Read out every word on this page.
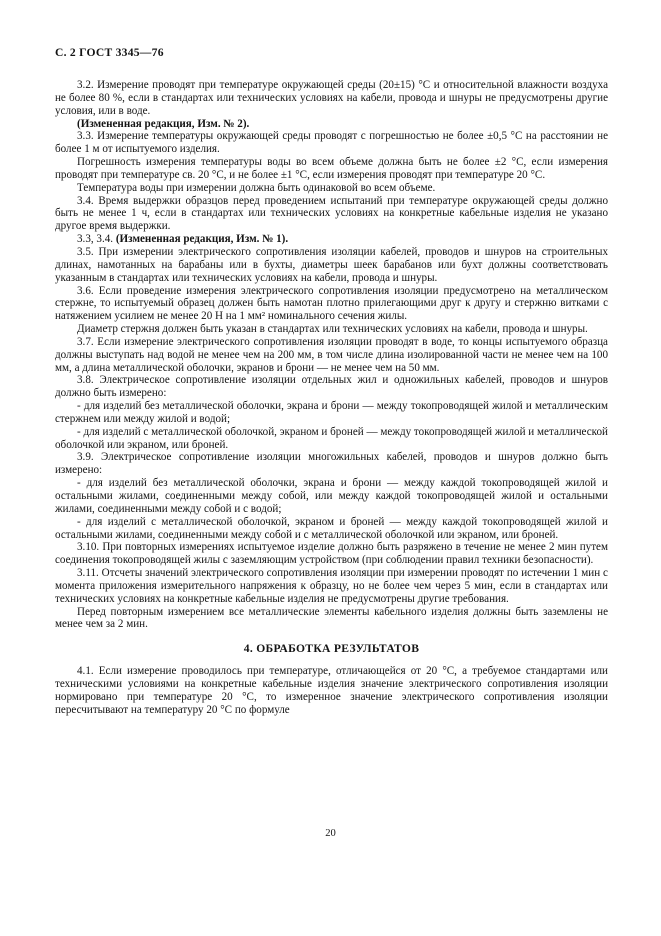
С. 2 ГОСТ 3345—76

3.2. Измерение проводят при температуре окружающей среды (20±15) °С и относительной влажности воздуха не более 80 %, если в стандартах или технических условиях на кабели, провода и шнуры не предусмотрены другие условия, или в воде.

(Измененная редакция, Изм. № 2).

3.3. Измерение температуры окружающей среды проводят с погрешностью не более ±0,5 °С на расстоянии не более 1 м от испытуемого изделия.

Погрешность измерения температуры воды во всем объеме должна быть не более ±2 °С, если измерения проводят при температуре св. 20 °С, и не более ±1 °С, если измерения проводят при температуре 20 °С.

Температура воды при измерении должна быть одинаковой во всем объеме.

3.4. Время выдержки образцов перед проведением испытаний при температуре окружающей среды должно быть не менее 1 ч, если в стандартах или технических условиях на конкретные кабельные изделия не указано другое время выдержки.

3.3, 3.4. (Измененная редакция, Изм. № 1).

3.5. При измерении электрического сопротивления изоляции кабелей, проводов и шнуров на строительных длинах, намотанных на барабаны или в бухты, диаметры шеек барабанов или бухт должны соответствовать указанным в стандартах или технических условиях на кабели, провода и шнуры.

3.6. Если проведение измерения электрического сопротивления изоляции предусмотрено на металлическом стержне, то испытуемый образец должен быть намотан плотно прилегающими друг к другу и стержню витками с натяжением усилием не менее 20 Н на 1 мм² номинального сечения жилы.

Диаметр стержня должен быть указан в стандартах или технических условиях на кабели, провода и шнуры.

3.7. Если измерение электрического сопротивления изоляции проводят в воде, то концы испытуемого образца должны выступать над водой не менее чем на 200 мм, в том числе длина изолированной части не менее чем на 100 мм, а длина металлической оболочки, экранов и брони — не менее чем на 50 мм.

3.8. Электрическое сопротивление изоляции отдельных жил и одножильных кабелей, проводов и шнуров должно быть измерено:

- для изделий без металлической оболочки, экрана и брони — между токопроводящей жилой и металлическим стержнем или между жилой и водой;

- для изделий с металлической оболочкой, экраном и броней — между токопроводящей жилой и металлической оболочкой или экраном, или броней.

3.9. Электрическое сопротивление изоляции многожильных кабелей, проводов и шнуров должно быть измерено:

- для изделий без металлической оболочки, экрана и брони — между каждой токопроводящей жилой и остальными жилами, соединенными между собой, или между каждой токопроводящей жилой и остальными жилами, соединенными между собой и с водой;

- для изделий с металлической оболочкой, экраном и броней — между каждой токопроводящей жилой и остальными жилами, соединенными между собой и с металлической оболочкой или экраном, или броней.

3.10. При повторных измерениях испытуемое изделие должно быть разряжено в течение не менее 2 мин путем соединения токопроводящей жилы с заземляющим устройством (при соблюдении правил техники безопасности).

3.11. Отсчеты значений электрического сопротивления изоляции при измерении проводят по истечении 1 мин с момента приложения измерительного напряжения к образцу, но не более чем через 5 мин, если в стандартах или технических условиях на конкретные кабельные изделия не предусмотрены другие требования.

Перед повторным измерением все металлические элементы кабельного изделия должны быть заземлены не менее чем за 2 мин.

4. ОБРАБОТКА РЕЗУЛЬТАТОВ

4.1. Если измерение проводилось при температуре, отличающейся от 20 °С, а требуемое стандартами или техническими условиями на конкретные кабельные изделия значение электрического сопротивления изоляции нормировано при температуре 20 °С, то измеренное значение электрического сопротивления изоляции пересчитывают на температуру 20 °С по формуле

20
